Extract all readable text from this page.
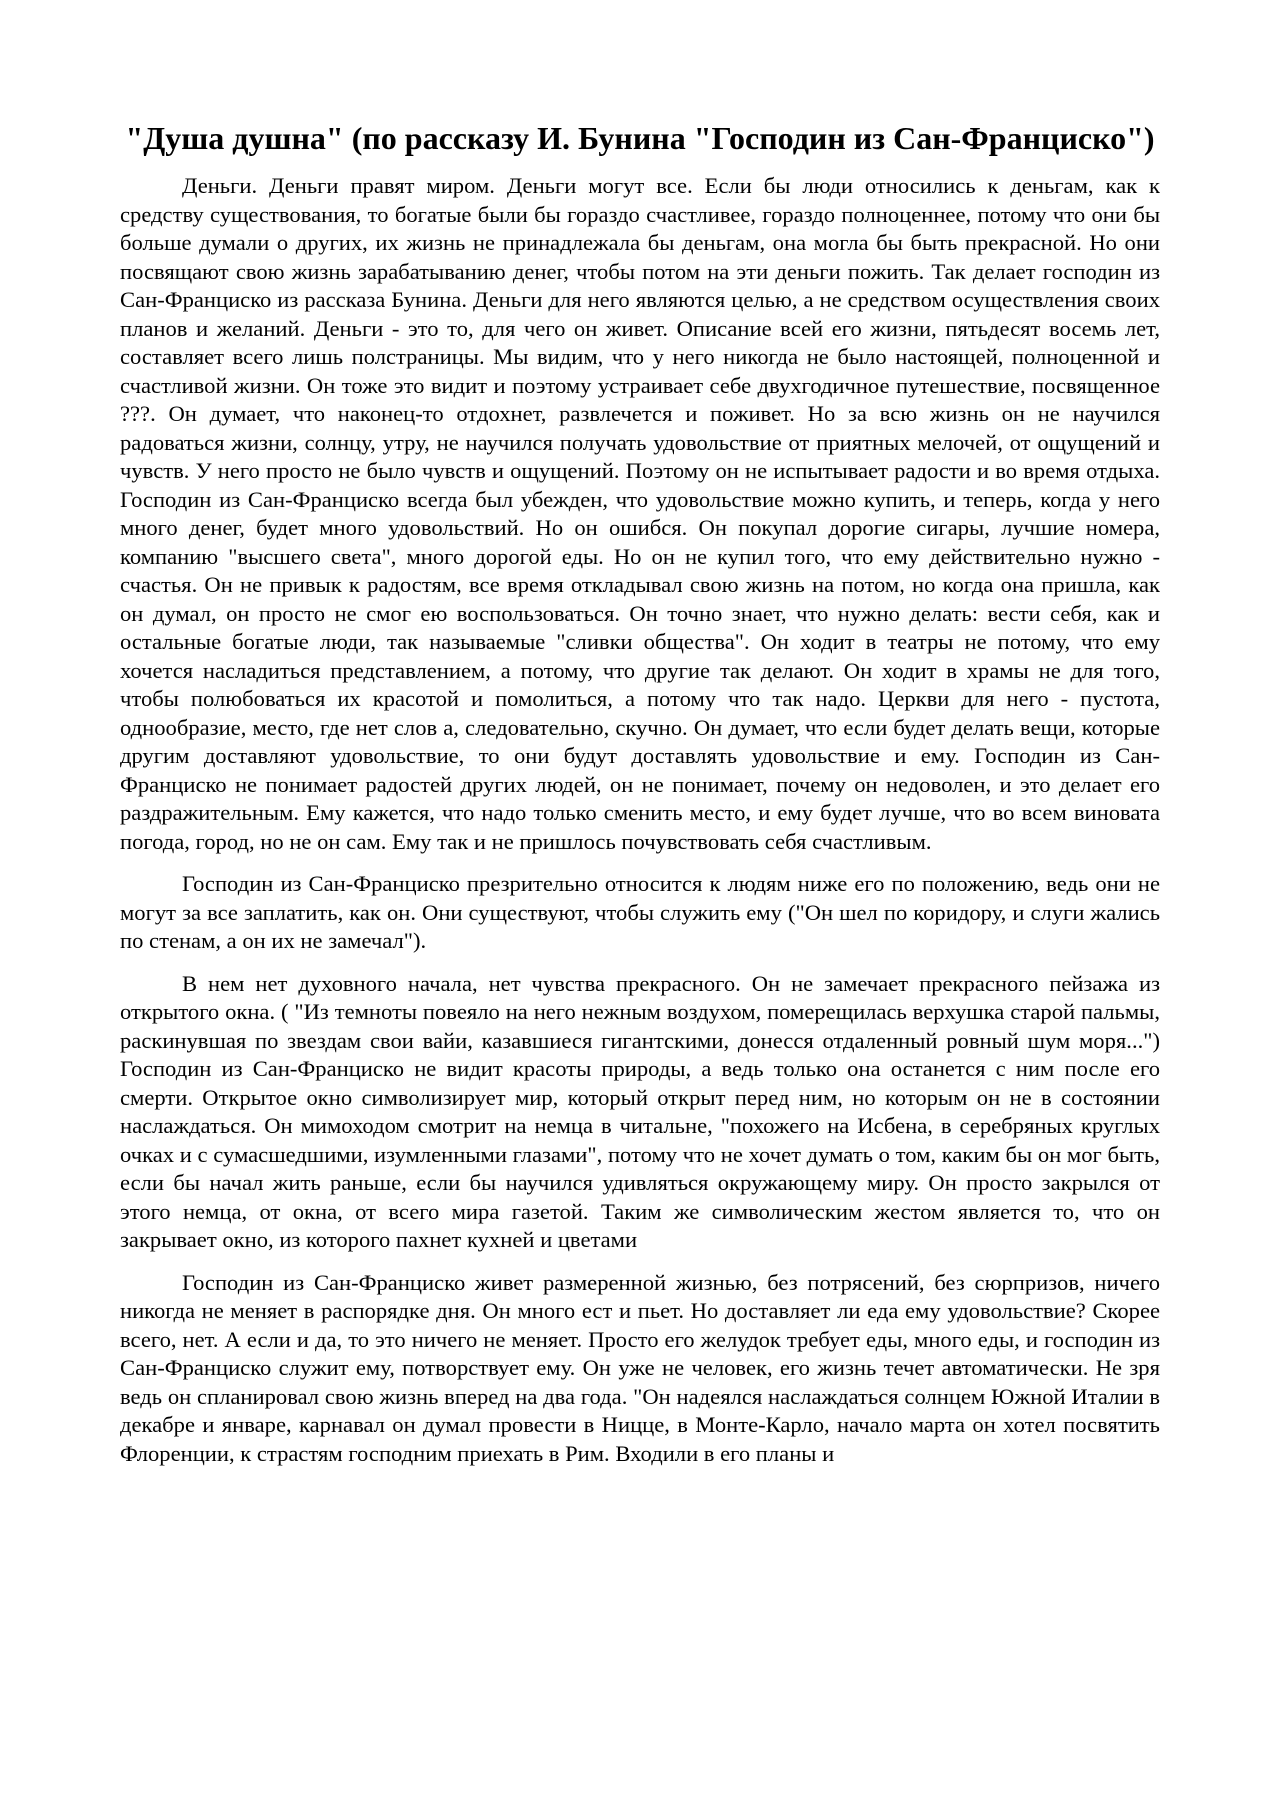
"Душа душна" (по рассказу И. Бунина "Господин из Сан-Франциско")

Деньги. Деньги правят миром. Деньги могут все. Если бы люди относились к деньгам, как к средству существования, то богатые были бы гораздо счастливее, гораздо полноценнее, потому что они бы больше думали о других, их жизнь не принадлежала бы деньгам, она могла бы быть прекрасной. Но они посвящают свою жизнь зарабатыванию денег, чтобы потом на эти деньги пожить. Так делает господин из Сан-Франциско из рассказа Бунина. Деньги для него являются целью, а не средством осуществления своих планов и желаний. Деньги - это то, для чего он живет. Описание всей его жизни, пятьдесят восемь лет, составляет всего лишь полстраницы. Мы видим, что у него никогда не было настоящей, полноценной и счастливой жизни. Он тоже это видит и поэтому устраивает себе двухгодичное путешествие, посвященное ???. Он думает, что наконец-то отдохнет, развлечется и поживет. Но за всю жизнь он не научился радоваться жизни, солнцу, утру, не научился получать удовольствие от приятных мелочей, от ощущений и чувств. У него просто не было чувств и ощущений. Поэтому он не испытывает радости и во время отдыха. Господин из Сан-Франциско всегда был убежден, что удовольствие можно купить, и теперь, когда у него много денег, будет много удовольствий. Но он ошибся. Он покупал дорогие сигары, лучшие номера, компанию "высшего света", много дорогой еды. Но он не купил того, что ему действительно нужно - счастья. Он не привык к радостям, все время откладывал свою жизнь на потом, но когда она пришла, как он думал, он просто не смог ею воспользоваться. Он точно знает, что нужно делать: вести себя, как и остальные богатые люди, так называемые "сливки общества". Он ходит в театры не потому, что ему хочется насладиться представлением, а потому, что другие так делают. Он ходит в храмы не для того, чтобы полюбоваться их красотой и помолиться, а потому что так надо. Церкви для него - пустота, однообразие, место, где нет слов а, следовательно, скучно. Он думает, что если будет делать вещи, которые другим доставляют удовольствие, то они будут доставлять удовольствие и ему. Господин из Сан-Франциско не понимает радостей других людей, он не понимает, почему он недоволен, и это делает его раздражительным. Ему кажется, что надо только сменить место, и ему будет лучше, что во всем виновата погода, город, но не он сам. Ему так и не пришлось почувствовать себя счастливым.

Господин из Сан-Франциско презрительно относится к людям ниже его по положению, ведь они не могут за все заплатить, как он. Они существуют, чтобы служить ему ("Он шел по коридору, и слуги жались по стенам, а он их не замечал").

В нем нет духовного начала, нет чувства прекрасного. Он не замечает прекрасного пейзажа из открытого окна. ( "Из темноты повеяло на него нежным воздухом, померещилась верхушка старой пальмы, раскинувшая по звездам свои вайи, казавшиеся гигантскими, донесся отдаленный ровный шум моря...") Господин из Сан-Франциско не видит красоты природы, а ведь только она останется с ним после его смерти. Открытое окно символизирует мир, который открыт перед ним, но которым он не в состоянии наслаждаться. Он мимоходом смотрит на немца в читальне, "похожего на Исбена, в серебряных круглых очках и с сумасшедшими, изумленными глазами", потому что не хочет думать о том, каким бы он мог быть, если бы начал жить раньше, если бы научился удивляться окружающему миру. Он просто закрылся от этого немца, от окна, от всего мира газетой. Таким же символическим жестом является то, что он закрывает окно, из которого пахнет кухней и цветами

Господин из Сан-Франциско живет размеренной жизнью, без потрясений, без сюрпризов, ничего никогда не меняет в распорядке дня. Он много ест и пьет. Но доставляет ли еда ему удовольствие? Скорее всего, нет. А если и да, то это ничего не меняет. Просто его желудок требует еды, много еды, и господин из Сан-Франциско служит ему, потворствует ему. Он уже не человек, его жизнь течет автоматически. Не зря ведь он спланировал свою жизнь вперед на два года. "Он надеялся наслаждаться солнцем Южной Италии в декабре и январе, карнавал он думал провести в Ницце, в Монте-Карло, начало марта он хотел посвятить Флоренции, к страстям господним приехать в Рим. Входили в его планы и
